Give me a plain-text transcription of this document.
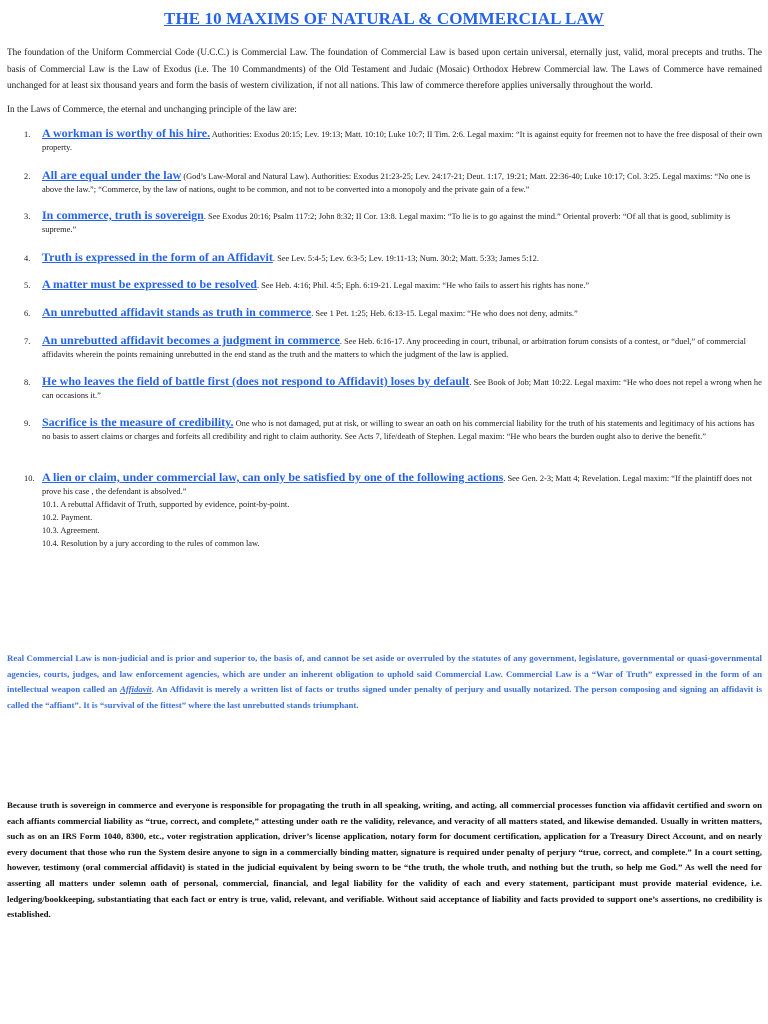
THE 10 MAXIMS OF NATURAL & COMMERCIAL LAW

The foundation of the Uniform Commercial Code (U.C.C.) is Commercial Law. The foundation of Commercial Law is based upon certain universal, eternally just, valid, moral precepts and truths. The basis of Commercial Law is the Law of Exodus (i.e. The 10 Commandments) of the Old Testament and Judaic (Mosaic) Orthodox Hebrew Commercial law. The Laws of Commerce have remained unchanged for at least six thousand years and form the basis of western civilization, if not all nations. This law of commerce therefore applies universally throughout the world.

In the Laws of Commerce, the eternal and unchanging principle of the law are:

1. A workman is worthy of his hire. Authorities: Exodus 20:15; Lev. 19:13; Matt. 10:10; Luke 10:7; II Tim. 2:6. Legal maxim: “It is against equity for freemen not to have the free disposal of their own property.
2. All are equal under the law (God’s Law-Moral and Natural Law). Authorities: Exodus 21:23-25; Lev. 24:17-21; Deut. 1:17, 19:21; Matt. 22:36-40; Luke 10:17; Col. 3:25. Legal maxims: “No one is above the law.”; “Commerce, by the law of nations, ought to be common, and not to be converted into a monopoly and the private gain of a few.”
3. In commerce, truth is sovereign. See Exodus 20:16; Psalm 117:2; John 8:32; II Cor. 13:8. Legal maxim: “To lie is to go against the mind.” Oriental proverb: “Of all that is good, sublimity is supreme.”
4. Truth is expressed in the form of an Affidavit. See Lev. 5:4-5; Lev. 6:3-5; Lev. 19:11-13; Num. 30:2; Matt. 5:33; James 5:12.
5. A matter must be expressed to be resolved. See Heb. 4:16; Phil. 4:5; Eph. 6:19-21. Legal maxim: “He who fails to assert his rights has none.”
6. An unrebutted affidavit stands as truth in commerce. See 1 Pet. 1:25; Heb. 6:13-15. Legal maxim: “He who does not deny, admits.”
7. An unrebutted affidavit becomes a judgment in commerce. See Heb. 6:16-17. Any proceeding in court, tribunal, or arbitration forum consists of a contest, or “duel,” of commercial affidavits wherein the points remaining unrebutted in the end stand as the truth and the matters to which the judgment of the law is applied.
8. He who leaves the field of battle first (does not respond to Affidavit) loses by default. See Book of Job; Matt 10:22. Legal maxim: “He who does not repel a wrong when he can occasions it.”
9. Sacrifice is the measure of credibility. One who is not damaged, put at risk, or willing to swear an oath on his commercial liability for the truth of his statements and legitimacy of his actions has no basis to assert claims or charges and forfeits all credibility and right to claim authority. See Acts 7, life/death of Stephen. Legal maxim: “He who bears the burden ought also to derive the benefit.”
10. A lien or claim, under commercial law, can only be satisfied by one of the following actions. See Gen. 2-3; Matt 4; Revelation. Legal maxim: “If the plaintiff does not prove his case , the defendant is absolved.”
10.1. A rebuttal Affidavit of Truth, supported by evidence, point-by-point.
10.2. Payment.
10.3. Agreement.
10.4. Resolution by a jury according to the rules of common law.

Real Commercial Law is non-judicial and is prior and superior to, the basis of, and cannot be set aside or overruled by the statutes of any government, legislature, governmental or quasi-governmental agencies, courts, judges, and law enforcement agencies, which are under an inherent obligation to uphold said Commercial Law. Commercial Law is a “War of Truth” expressed in the form of an intellectual weapon called an Affidavit. An Affidavit is merely a written list of facts or truths signed under penalty of perjury and usually notarized. The person composing and signing an affidavit is called the “affiant”. It is “survival of the fittest” where the last unrebutted stands triumphant.

Because truth is sovereign in commerce and everyone is responsible for propagating the truth in all speaking, writing, and acting, all commercial processes function via affidavit certified and sworn on each affiants commercial liability as “true, correct, and complete,” attesting under oath re the validity, relevance, and veracity of all matters stated, and likewise demanded. Usually in written matters, such as on an IRS Form 1040, 8300, etc., voter registration application, driver’s license application, notary form for document certification, application for a Treasury Direct Account, and on nearly every document that those who run the System desire anyone to sign in a commercially binding matter, signature is required under penalty of perjury “true, correct, and complete.” In a court setting, however, testimony (oral commercial affidavit) is stated in the judicial equivalent by being sworn to be “the truth, the whole truth, and nothing but the truth, so help me God.” As well the need for asserting all matters under solemn oath of personal, commercial, financial, and legal liability for the validity of each and every statement, participant must provide material evidence, i.e. ledgering/bookkeeping, substantiating that each fact or entry is true, valid, relevant, and verifiable. Without said acceptance of liability and facts provided to support one’s assertions, no credibility is established.
